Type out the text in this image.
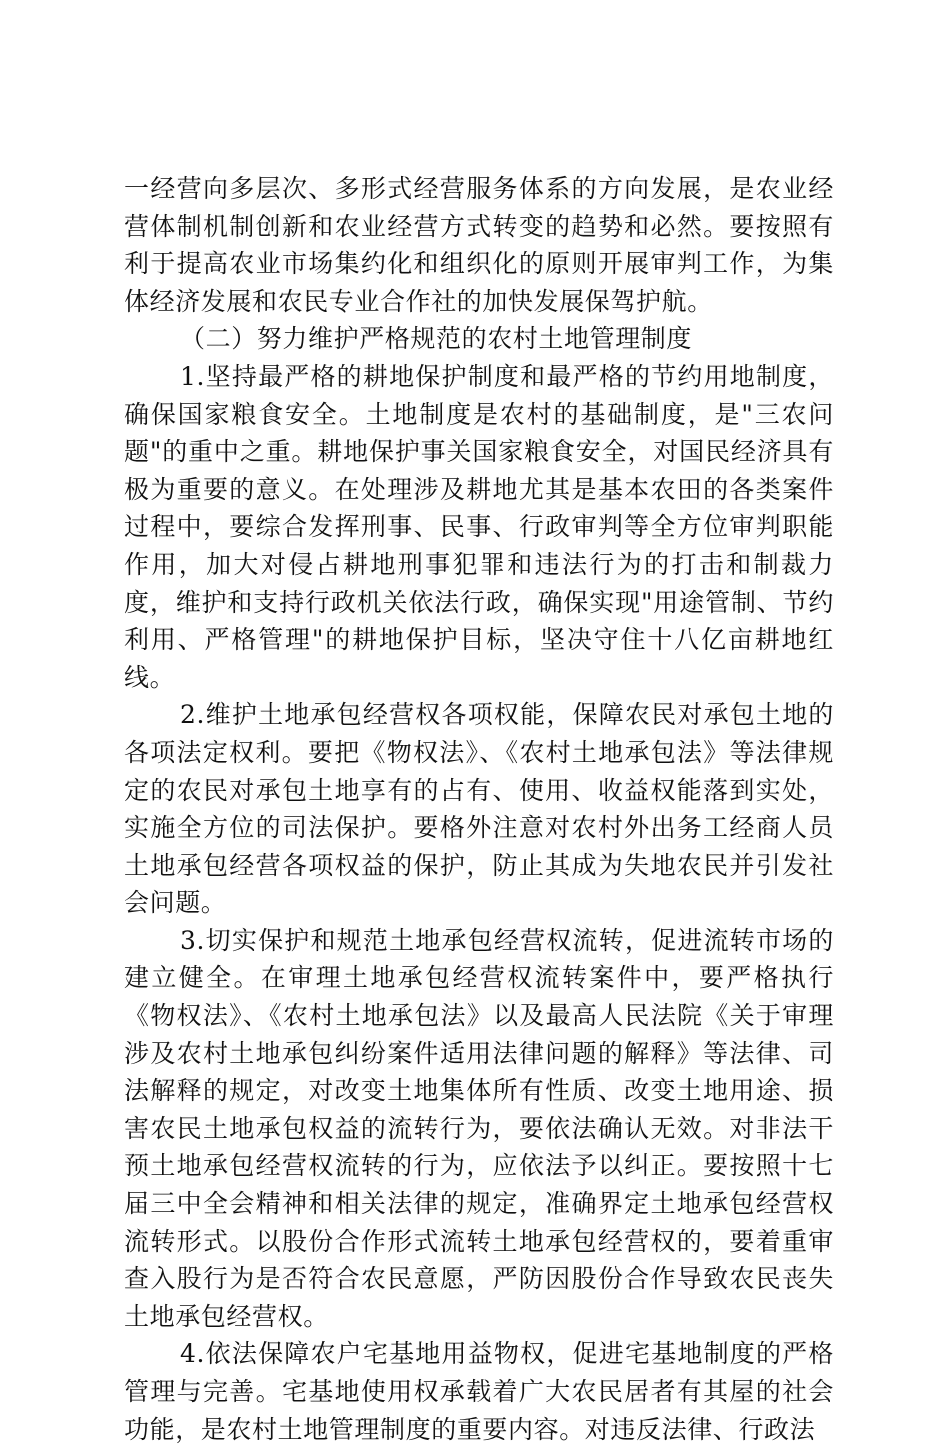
一经营向多层次、多形式经营服务体系的方向发展，是农业经营体制机制创新和农业经营方式转变的趋势和必然。要按照有利于提高农业市场集约化和组织化的原则开展审判工作，为集体经济发展和农民专业合作社的加快发展保驾护航。

（二）努力维护严格规范的农村土地管理制度

1.坚持最严格的耕地保护制度和最严格的节约用地制度，确保国家粮食安全。土地制度是农村的基础制度，是"三农问题"的重中之重。耕地保护事关国家粮食安全，对国民经济具有极为重要的意义。在处理涉及耕地尤其是基本农田的各类案件过程中，要综合发挥刑事、民事、行政审判等全方位审判职能作用，加大对侵占耕地刑事犯罪和违法行为的打击和制裁力度，维护和支持行政机关依法行政，确保实现"用途管制、节约利用、严格管理"的耕地保护目标，坚决守住十八亿亩耕地红线。

2.维护土地承包经营权各项权能，保障农民对承包土地的各项法定权利。要把《物权法》、《农村土地承包法》等法律规定的农民对承包土地享有的占有、使用、收益权能落到实处，实施全方位的司法保护。要格外注意对农村外出务工经商人员土地承包经营各项权益的保护，防止其成为失地农民并引发社会问题。

3.切实保护和规范土地承包经营权流转，促进流转市场的建立健全。在审理土地承包经营权流转案件中，要严格执行《物权法》、《农村土地承包法》以及最高人民法院《关于审理涉及农村土地承包纠纷案件适用法律问题的解释》等法律、司法解释的规定，对改变土地集体所有性质、改变土地用途、损害农民土地承包权益的流转行为，要依法确认无效。对非法干预土地承包经营权流转的行为，应依法予以纠正。要按照十七届三中全会精神和相关法律的规定，准确界定土地承包经营权流转形式。以股份合作形式流转土地承包经营权的，要着重审查入股行为是否符合农民意愿，严防因股份合作导致农民丧失土地承包经营权。

4.依法保障农户宅基地用益物权，促进宅基地制度的严格管理与完善。宅基地使用权承载着广大农民居者有其屋的社会功能，是农村土地管理制度的重要内容。对违反法律、行政法
